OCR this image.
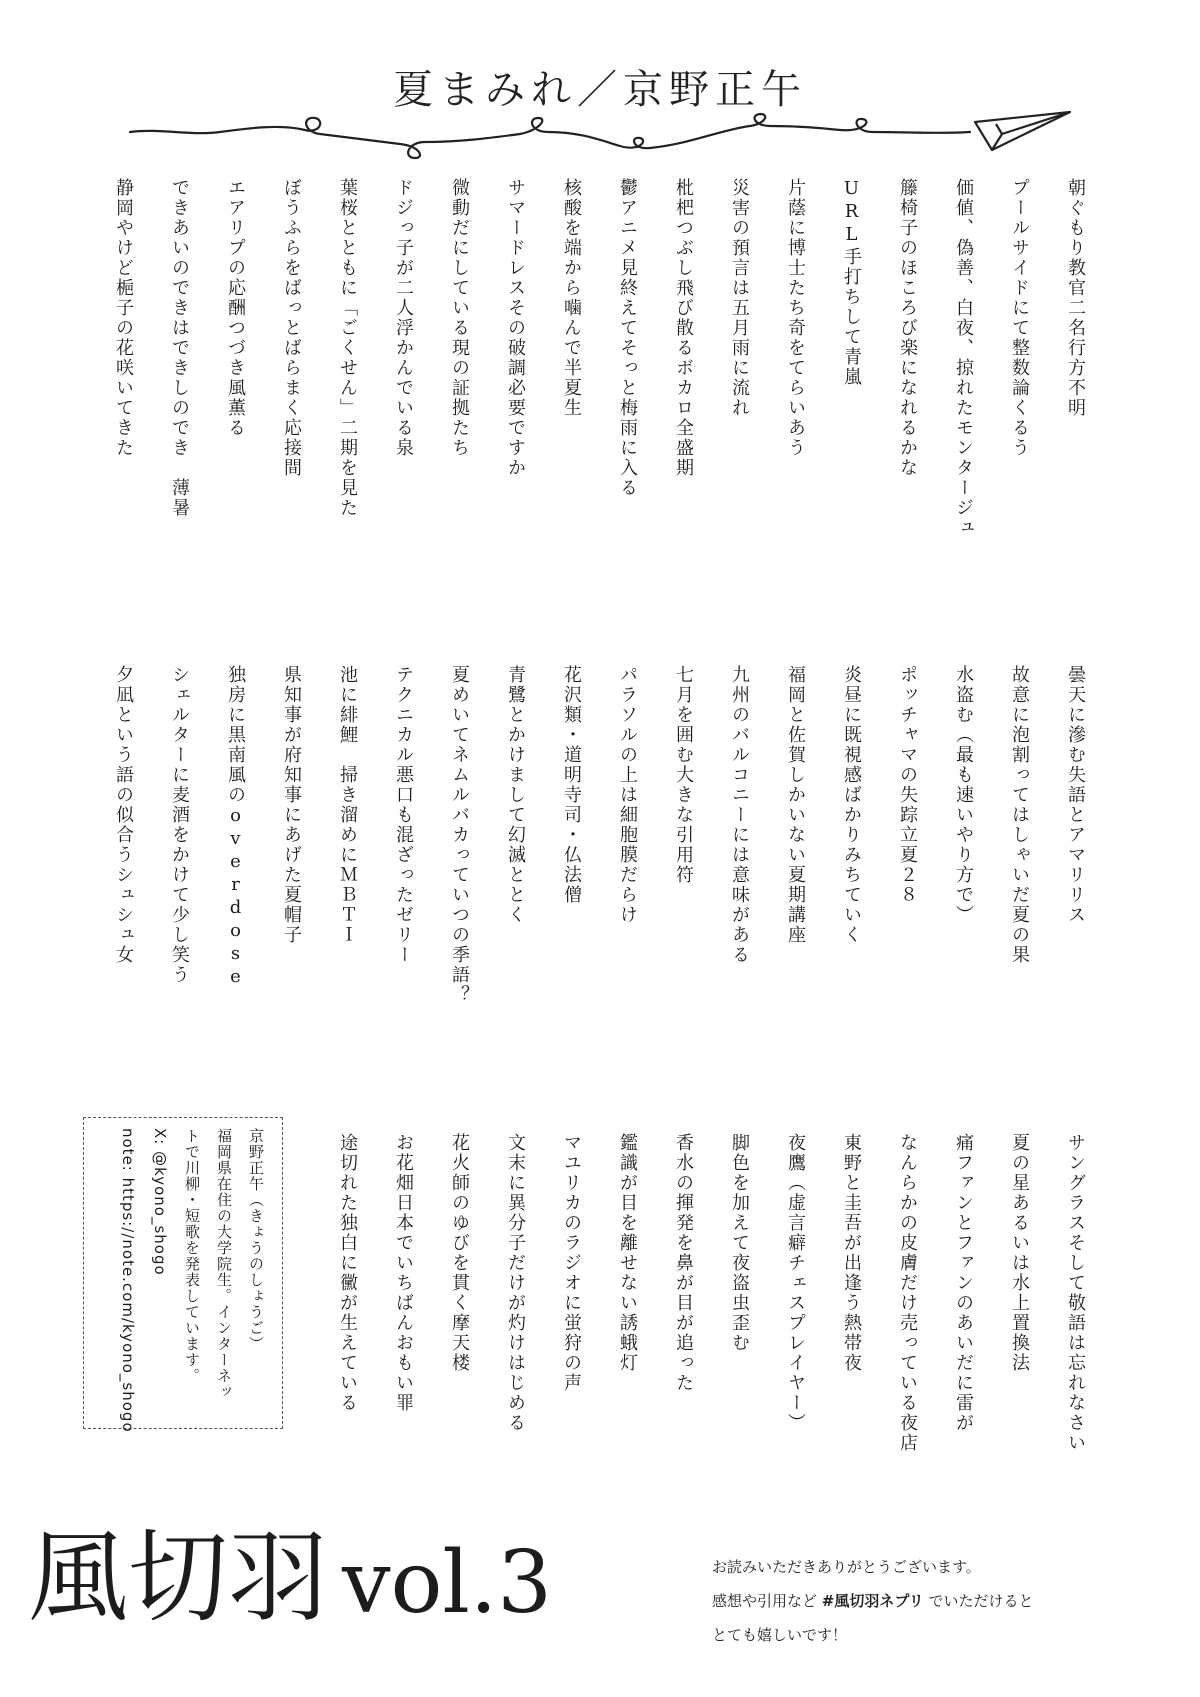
夏まみれ／京野正午
朝ぐもり教官二名行方不明
プールサイドにて整数論くるう
価値、偽善、白夜、掠れたモンタージュ
籐椅子のほころび楽になれるかな
URL手打ちして青嵐
片蔭に博士たち奇をてらいあう
災害の預言は五月雨に流れ
枇杷つぶし飛び散るボカロ全盛期
鬱アニメ見終えてそっと梅雨に入る
核酸を端から噛んで半夏生
サマードレスその破調必要ですか
微動だにしている現の証拠たち
ドジっ子が二人浮かんでいる泉
葉桜とともに「ごくせん」二期を見た
ぼうふらをばっとばらまく応接間
エアリプの応酬つづき風薫る
できあいのできはできしのでき　薄暑
静岡やけど梔子の花咲いてきた
曇天に滲む失語とアマリリス
故意に泡割ってはしゃいだ夏の果
水盗む（最も速いやり方で）
ポッチャマの失踪立夏２８
炎昼に既視感ばかりみちていく
福岡と佐賀しかいない夏期講座
九州のバルコニーには意味がある
七月を囲む大きな引用符
パラソルの上は細胞膜だらけ
花沢類・道明寺司・仏法僧
青鷺とかけまして幻滅ととく
夏めいてネムルバカっていつの季語？
テクニカル悪口も混ざったゼリー
池に緋鯉　掃き溜めにＭＢＴＩ
県知事が府知事にあげた夏帽子
独房に黒南風のoverdose
シェルターに麦酒をかけて少し笑う
夕凪という語の似合うシュシュ女
サングラスそして敬語は忘れなさい
夏の星あるいは水上置換法
痛ファンとファンのあいだに雷が
なんらかの皮膚だけ売っている夜店
東野と圭吾が出逢う熱帯夜
夜鷹（虚言癖チェスプレイヤー）
脚色を加えて夜盗虫歪む
香水の揮発を鼻が目が追った
鑑識が目を離せない誘蛾灯
マユリカのラジオに蛍狩の声
文末に異分子だけが灼けはじめる
花火師のゆびを貫く摩天楼
お花畑日本でいちばんおもい罪
途切れた独白に黴が生えている
京野正午（きょうのしょうご）
福岡県在住の大学院生。インターネッ
トで川柳・短歌を発表しています。
X: @kyono_shogo
note: https://note.com/kyono_shogo
風切羽 vol.3	お読みいただきありがとうございます。
感想や引用など #風切羽ネプリ でいただけると
とても嬉しいです！
